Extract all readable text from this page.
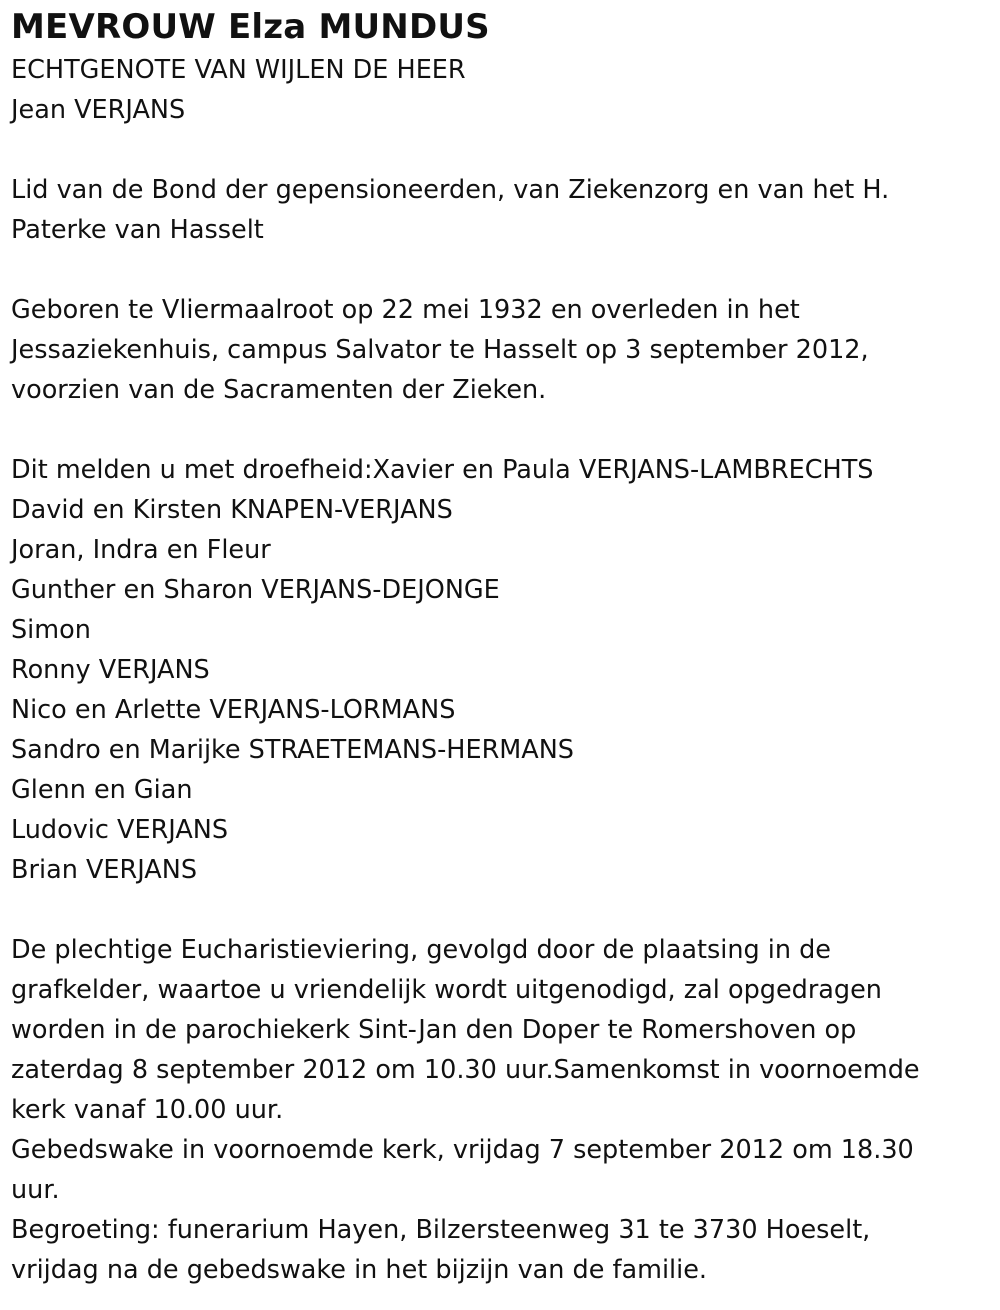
MEVROUW Elza MUNDUS
ECHTGENOTE VAN WIJLEN DE HEER
Jean VERJANS
Lid van de Bond der gepensioneerden, van Ziekenzorg en van het H.
Paterke van Hasselt
Geboren te Vliermaalroot op 22 mei 1932 en overleden in het
Jessaziekenhuis, campus Salvator te Hasselt op 3 september 2012,
voorzien van de Sacramenten der Zieken.
Dit melden u met droefheid:Xavier en Paula VERJANS-LAMBRECHTS
David en Kirsten KNAPEN-VERJANS
Joran, Indra en Fleur
Gunther en Sharon VERJANS-DEJONGE
Simon
Ronny VERJANS
Nico en Arlette VERJANS-LORMANS
Sandro en Marijke STRAETEMANS-HERMANS
Glenn en Gian
Ludovic VERJANS
Brian VERJANS
De plechtige Eucharistieviering, gevolgd door de plaatsing in de
grafkelder, waartoe u vriendelijk wordt uitgenodigd, zal opgedragen
worden in de parochiekerk Sint-Jan den Doper te Romershoven op
zaterdag 8 september 2012 om 10.30 uur.Samenkomst in voornoemde
kerk vanaf 10.00 uur.
Gebedswake in voornoemde kerk, vrijdag 7 september 2012 om 18.30
uur.
Begroeting: funerarium Hayen, Bilzersteenweg 31 te 3730 Hoeselt,
vrijdag na de gebedswake in het bijzijn van de familie.
